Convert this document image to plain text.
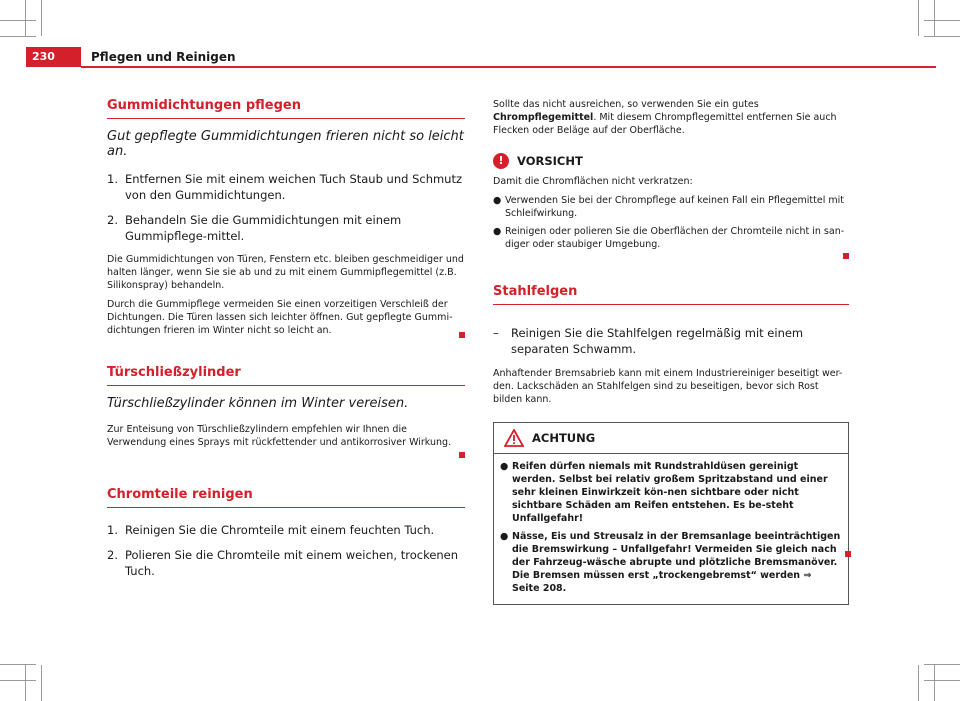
230	Pflegen und Reinigen
Gummidichtungen pflegen
Gut gepflegte Gummidichtungen frieren nicht so leicht an.
1. Entfernen Sie mit einem weichen Tuch Staub und Schmutz von den Gummidichtungen.
2. Behandeln Sie die Gummidichtungen mit einem Gummipflege-mittel.

Die Gummidichtungen von Türen, Fenstern etc. bleiben geschmeidiger und halten länger, wenn Sie sie ab und zu mit einem Gummipflegemittel (z.B. Silikonspray) behandeln.

Durch die Gummipflege vermeiden Sie einen vorzeitigen Verschleiß der Dichtungen. Die Türen lassen sich leichter öffnen. Gut gepflegte Gummi-dichtungen frieren im Winter nicht so leicht an.

Türschließzylinder
Türschließzylinder können im Winter vereisen.

Zur Enteisung von Türschließzylindern empfehlen wir Ihnen die Verwendung eines Sprays mit rückfettender und antikorrosiver Wirkung.

Chromteile reinigen
1. Reinigen Sie die Chromteile mit einem feuchten Tuch.
2. Polieren Sie die Chromteile mit einem weichen, trockenen Tuch.

Sollte das nicht ausreichen, so verwenden Sie ein gutes Chrompflegemittel. Mit diesem Chrompflegemittel entfernen Sie auch Flecken oder Beläge auf der Oberfläche.

!	VORSICHT

Damit die Chromflächen nicht verkratzen:

● Verwenden Sie bei der Chrompflege auf keinen Fall ein Pflegemittel mit Schleifwirkung.
● Reinigen oder polieren Sie die Oberflächen der Chromteile nicht in san-diger oder staubiger Umgebung.
Stahlfelgen
–	Reinigen Sie die Stahlfelgen regelmäßig mit einem separaten Schwamm.

Anhaftender Bremsabrieb kann mit einem Industriereiniger beseitigt wer-den. Lackschäden an Stahlfelgen sind zu beseitigen, bevor sich Rost bilden kann.

ACHTUNG
● Reifen dürfen niemals mit Rundstrahldüsen gereinigt werden. Selbst bei relativ großem Spritzabstand und einer sehr kleinen Einwirkzeit kön-nen sichtbare oder nicht sichtbare Schäden am Reifen entstehen. Es be-steht Unfallgefahr!
● Nässe, Eis und Streusalz in der Bremsanlage beeinträchtigen die Bremswirkung – Unfallgefahr! Vermeiden Sie gleich nach der Fahrzeug-wäsche abrupte und plötzliche Bremsmanöver. Die Bremsen müssen erst „trockengebremst“ werden ⇒ Seite 208.
